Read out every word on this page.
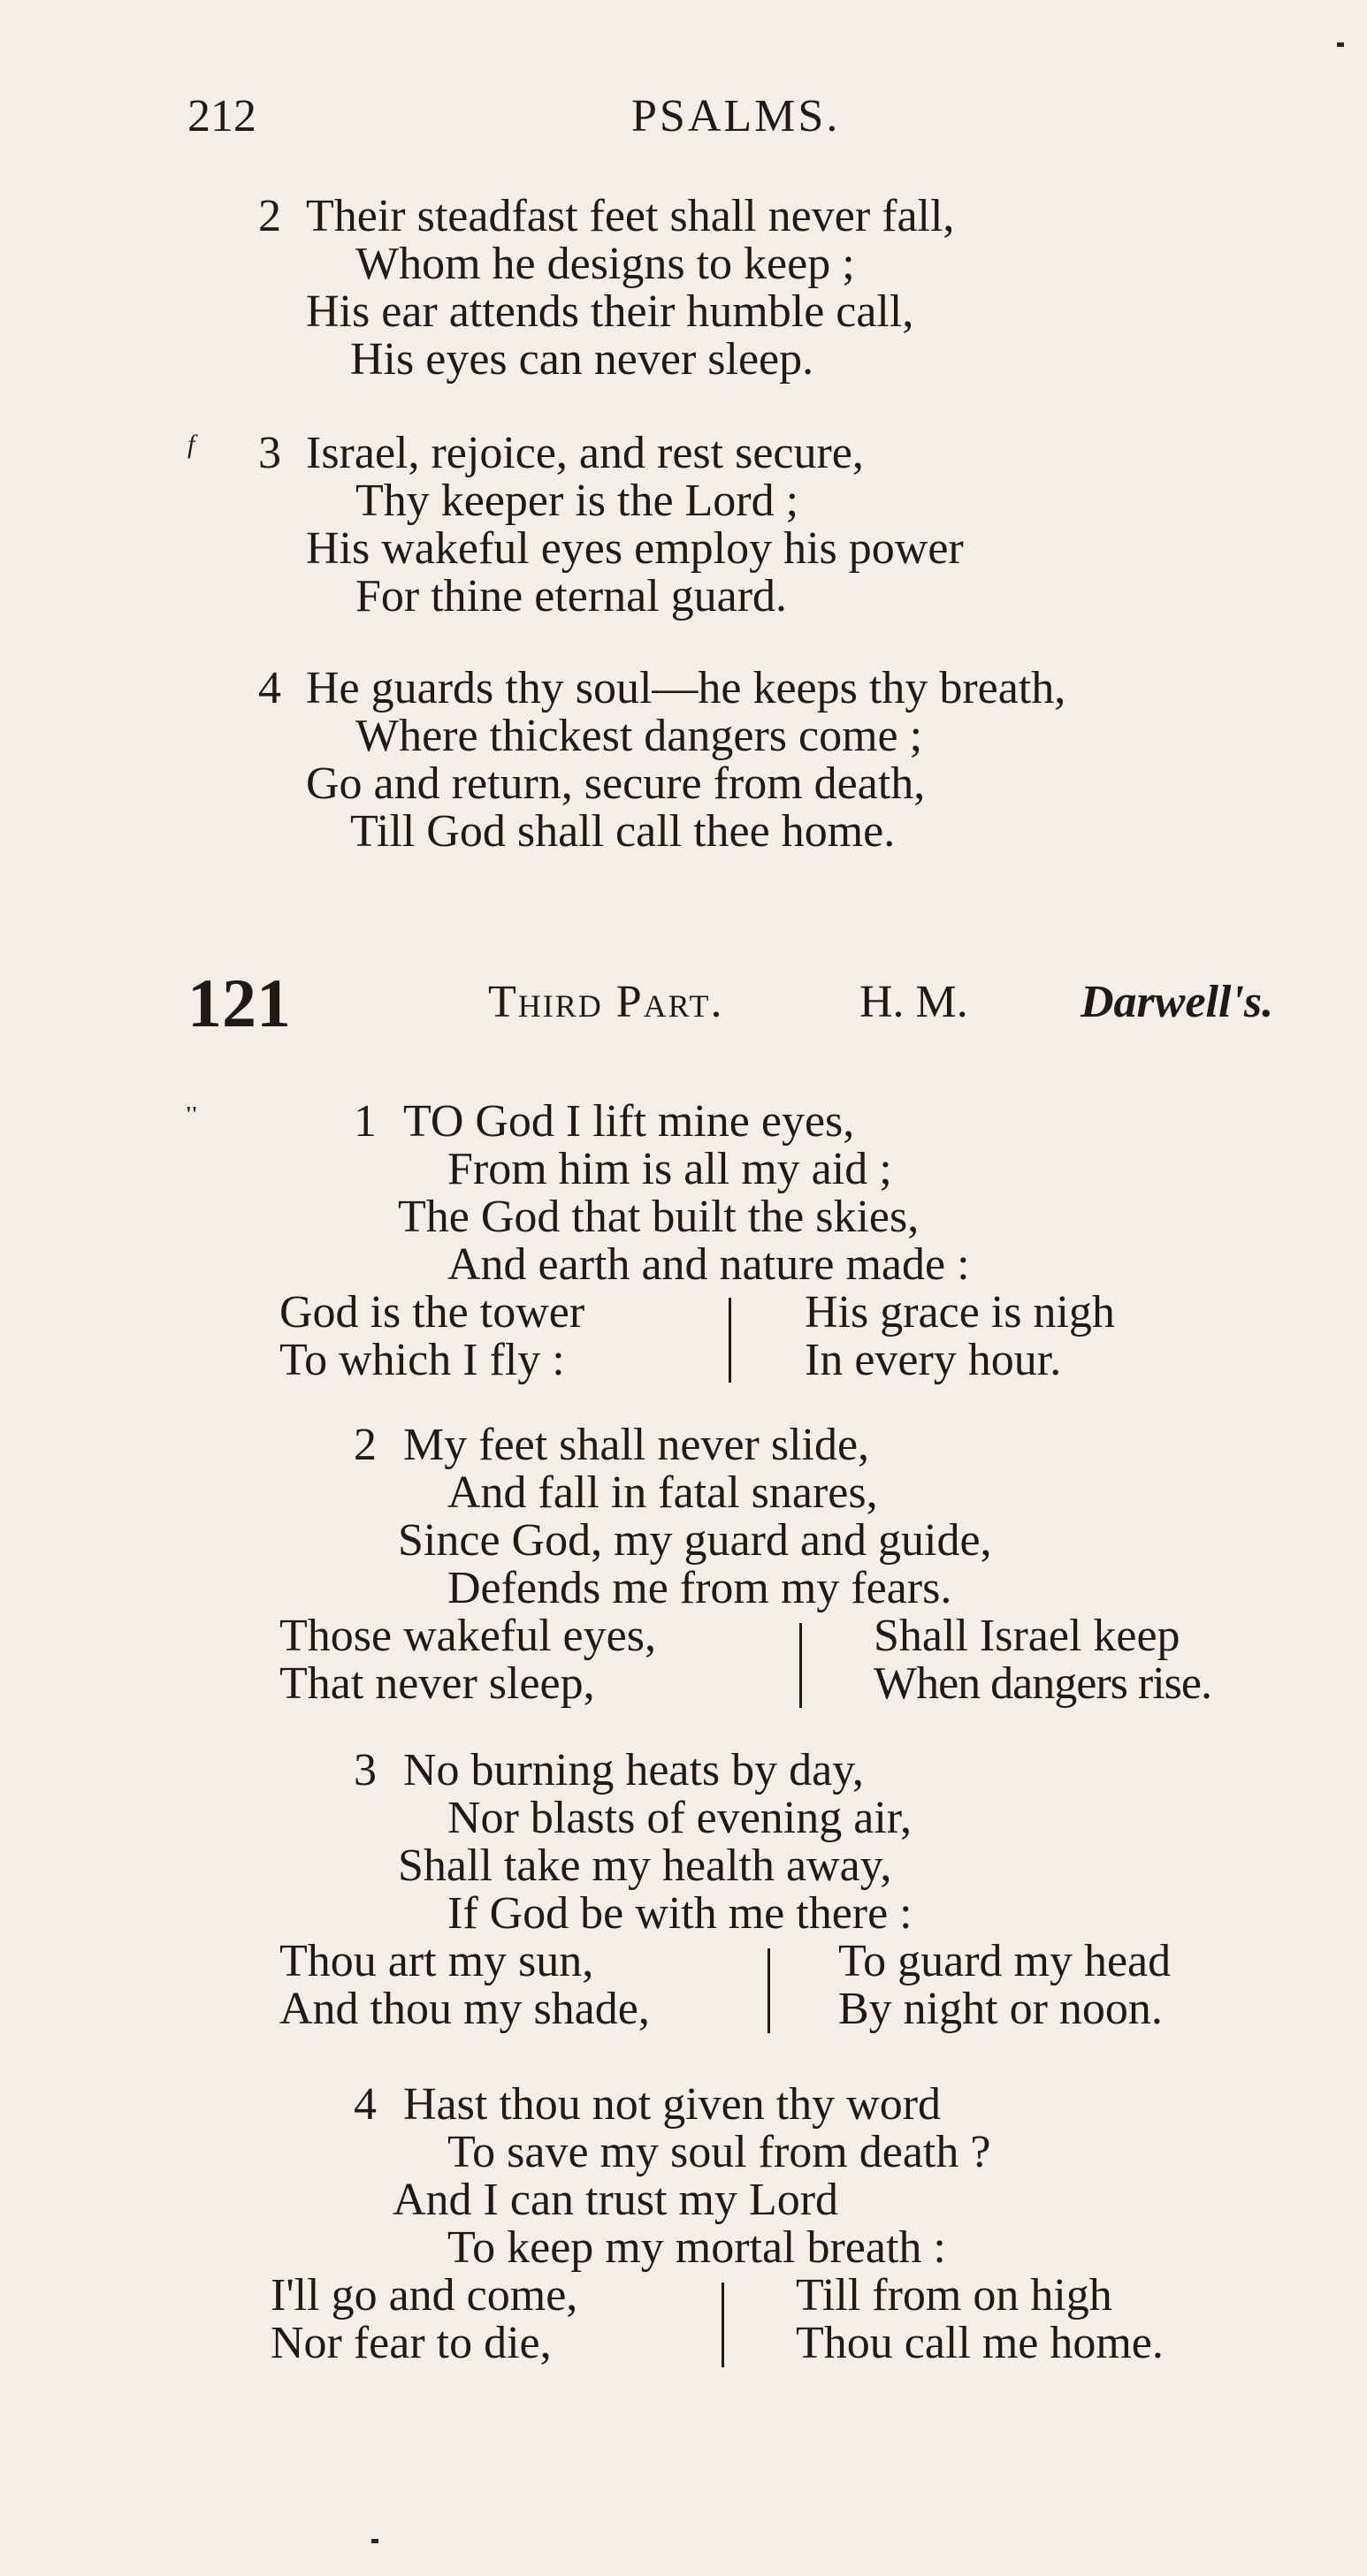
212	PSALMS.
2 Their steadfast feet shall never fall,
Whom he designs to keep ;
His ear attends their humble call,
His eyes can never sleep.
f 3 Israel, rejoice, and rest secure,
Thy keeper is the Lord ;
His wakeful eyes employ his power
For thine eternal guard.
4 He guards thy soul—he keeps thy breath,
Where thickest dangers come ;
Go and return, secure from death,
Till God shall call thee home.
121	Third Part.	H. M. Darwell's.
''	1 TO God I lift mine eyes,
From him is all my aid ;
The God that built the skies,
And earth and nature made :
God is the tower
To which I fly :
His grace is nigh
In every hour.
2 My feet shall never slide,
And fall in fatal snares,
Since God, my guard and guide,
Defends me from my fears.
Those wakeful eyes,
That never sleep,
Shall Israel keep
When dangers rise.
3 No burning heats by day,
Nor blasts of evening air,
Shall take my health away,
If God be with me there :
Thou art my sun,
And thou my shade,
To guard my head
By night or noon.
4 Hast thou not given thy word
To save my soul from death ?
And I can trust my Lord
To keep my mortal breath :
I'll go and come,
Nor fear to die,
Till from on high
Thou call me home.
